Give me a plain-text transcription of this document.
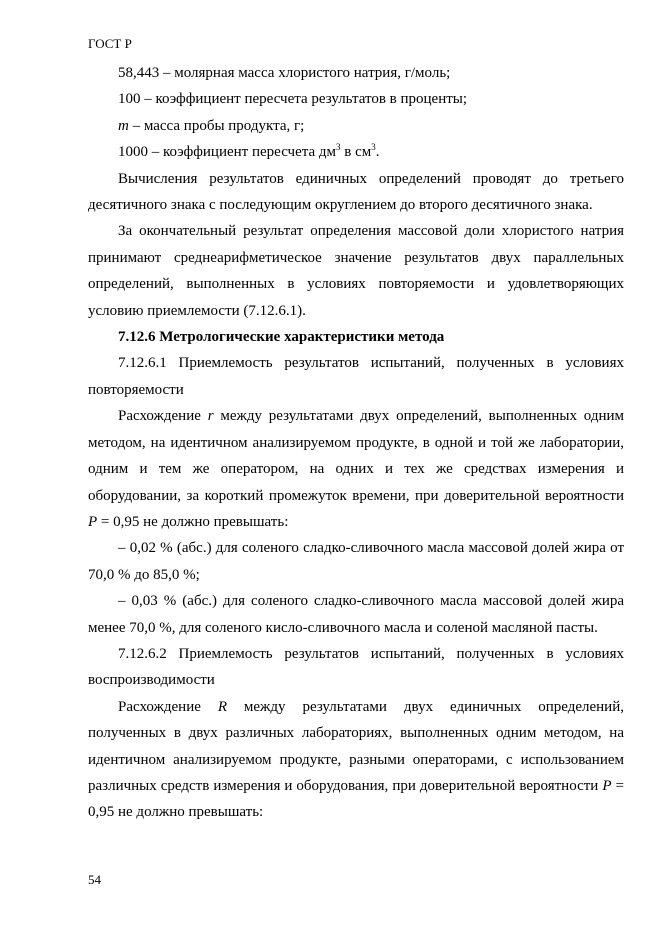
ГОСТ Р

58,443 – молярная масса хлористого натрия, г/моль;

100 – коэффициент пересчета результатов в проценты;

m – масса пробы продукта, г;

1000 – коэффициент пересчета $дм^3$ в $см^3$.

Вычисления результатов единичных определений проводят до третьего десятичного знака с последующим округлением до второго десятичного знака.

За окончательный результат определения массовой доли хлористого натрия принимают среднеарифметическое значение результатов двух параллельных определений, выполненных в условиях повторяемости и удовлетворяющих условию приемлемости (7.12.6.1).

7.12.6 Метрологические характеристики метода

7.12.6.1 Приемлемость результатов испытаний, полученных в условиях повторяемости

Расхождение r между результатами двух определений, выполненных одним методом, на идентичном анализируемом продукте, в одной и той же лаборатории, одним и тем же оператором, на одних и тех же средствах измерения и оборудовании, за короткий промежуток времени, при доверительной вероятности P = 0,95 не должно превышать:

– 0,02 % (абс.) для соленого сладко-сливочного масла массовой долей жира от 70,0 % до 85,0 %;

– 0,03 % (абс.) для соленого сладко-сливочного масла массовой долей жира менее 70,0 %, для соленого кисло-сливочного масла и соленой масляной пасты.

7.12.6.2 Приемлемость результатов испытаний, полученных в условиях воспроизводимости

Расхождение R между результатами двух единичных определений, полученных в двух различных лабораториях, выполненных одним методом, на идентичном анализируемом продукте, разными операторами, с использованием различных средств измерения и оборудования, при доверительной вероятности P = 0,95 не должно превышать:

54
